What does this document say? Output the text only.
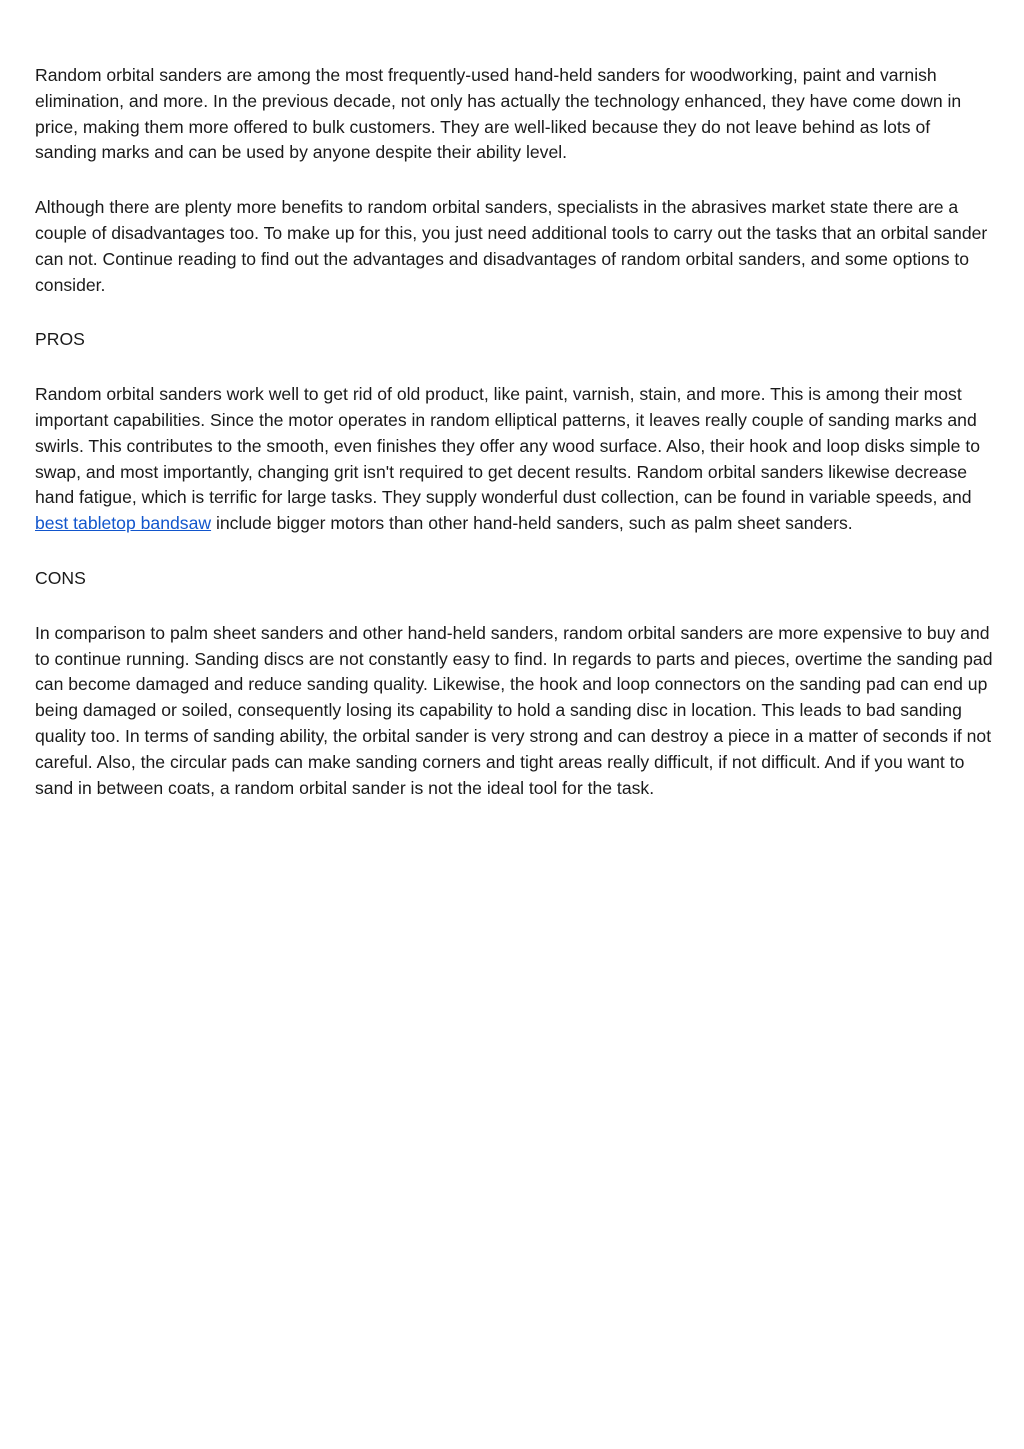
Random orbital sanders are among the most frequently-used hand-held sanders for woodworking, paint and varnish elimination, and more. In the previous decade, not only has actually the technology enhanced, they have come down in price, making them more offered to bulk customers. They are well-liked because they do not leave behind as lots of sanding marks and can be used by anyone despite their ability level.

Although there are plenty more benefits to random orbital sanders, specialists in the abrasives market state there are a couple of disadvantages too. To make up for this, you just need additional tools to carry out the tasks that an orbital sander can not. Continue reading to find out the advantages and disadvantages of random orbital sanders, and some options to consider.

PROS

Random orbital sanders work well to get rid of old product, like paint, varnish, stain, and more. This is among their most important capabilities. Since the motor operates in random elliptical patterns, it leaves really couple of sanding marks and swirls. This contributes to the smooth, even finishes they offer any wood surface. Also, their hook and loop disks simple to swap, and most importantly, changing grit isn't required to get decent results. Random orbital sanders likewise decrease hand fatigue, which is terrific for large tasks. They supply wonderful dust collection, can be found in variable speeds, and best tabletop bandsaw include bigger motors than other hand-held sanders, such as palm sheet sanders.

CONS

In comparison to palm sheet sanders and other hand-held sanders, random orbital sanders are more expensive to buy and to continue running. Sanding discs are not constantly easy to find. In regards to parts and pieces, overtime the sanding pad can become damaged and reduce sanding quality. Likewise, the hook and loop connectors on the sanding pad can end up being damaged or soiled, consequently losing its capability to hold a sanding disc in location. This leads to bad sanding quality too. In terms of sanding ability, the orbital sander is very strong and can destroy a piece in a matter of seconds if not careful. Also, the circular pads can make sanding corners and tight areas really difficult, if not difficult. And if you want to sand in between coats, a random orbital sander is not the ideal tool for the task.
